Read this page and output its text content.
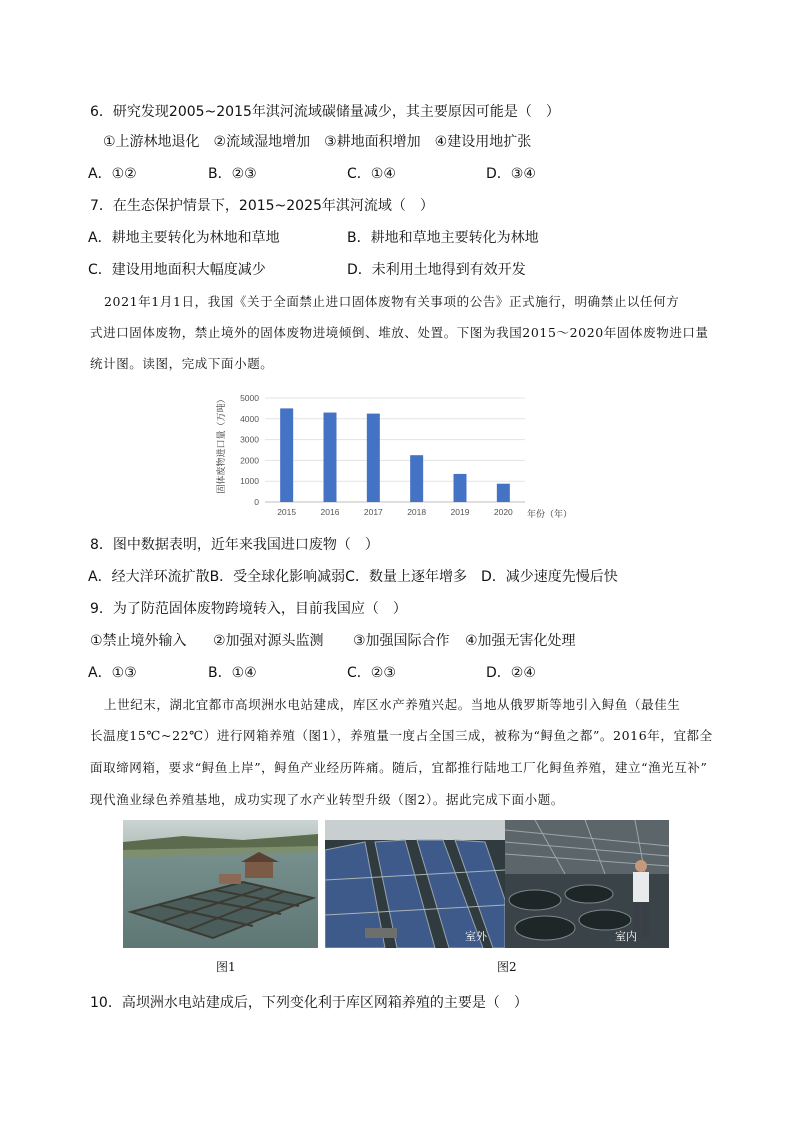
6．研究发现2005~2015年淇河流域碳储量减少，其主要原因可能是（　）
①上游林地退化　②流域湿地增加　③耕地面积增加　④建设用地扩张
A．①②	B．②③	C．①④	D．③④
7．在生态保护情景下，2015~2025年淇河流域（　）
A．耕地主要转化为林地和草地	B．耕地和草地主要转化为林地
C．建设用地面积大幅度减少	D．未利用土地得到有效开发
2021年1月1日，我国《关于全面禁止进口固体废物有关事项的公告》正式施行，明确禁止以任何方
式进口固体废物，禁止境外的固体废物进境倾倒、堆放、处置。下图为我国2015～2020年固体废物进口量
统计图。读图，完成下面小题。
0
1000
2000
3000
4000
5000
2015	2016	2017	2018	2019	2020
固体废物进口量（万吨）
年份（年）
8．图中数据表明，近年来我国进口废物（　）
A．经大洋环流扩散B．受全球化影响减弱C．数量上逐年增多　D．减少速度先慢后快
9．为了防范固体废物跨境转入，目前我国应（　）
①禁止境外输入 ②加强对源头监测 ③加强国际合作 ④加强无害化处理
A．①③	B．①④	C．②③	D．②④
上世纪末，湖北宜都市高坝洲水电站建成，库区水产养殖兴起。当地从俄罗斯等地引入鲟鱼（最佳生
长温度15℃~22℃）进行网箱养殖（图1），养殖量一度占全国三成，被称为“鲟鱼之都”。2016年，宜都全
面取缔网箱，要求“鲟鱼上岸”，鲟鱼产业经历阵痛。随后，宜都推行陆地工厂化鲟鱼养殖，建立“渔光互补”
现代渔业绿色养殖基地，成功实现了水产业转型升级（图2）。据此完成下面小题。
室外	室内
图1	图2
10．高坝洲水电站建成后，下列变化利于库区网箱养殖的主要是（　）
